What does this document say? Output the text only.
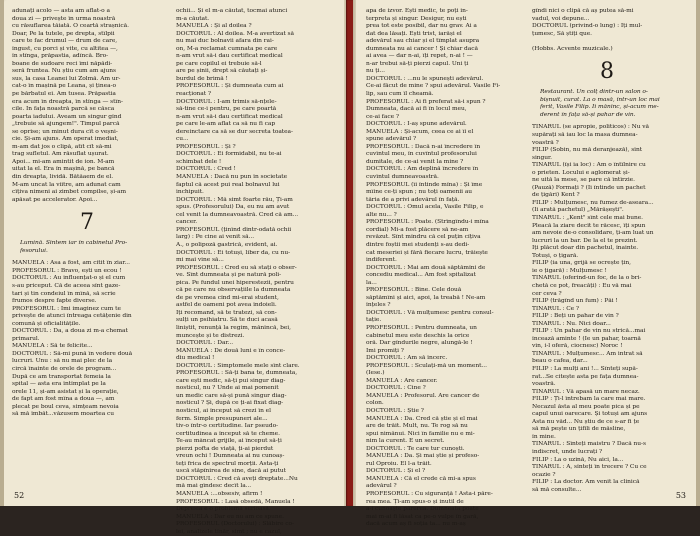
adunați acolo — asta am aflat-o a
doua zi — privește în urma noastră
cu răsuflarea tăiată. O ceartă strașnică.
Doar, Pe la tutele, pe drepta, stîlpii
care te fac drumul — drum de care,
îngust, cu porci și vite, cu altitea —,
în stînga, prăpastia, adîncă. Bro-
boane de sudoare reci îmi năpădi-
seră fruntea. Nu știu cum am ajuns
sus, la casa Leanei lui Zolmă. Am ur-
cat-o în mașină pe Leana, și ținea-o
pe bărbatul ei. Am tusea. Prăpastia
era acum în dreapta, în stînga — stîn-
cile. În fața noastră parcă se căsca
poarta iadului. Aveam un singur gînd
„trebuie să ajungem!". Timpul parcă
se oprise; un minut dura cît o veșni-
cie. Și-am ajuns. Am operat imediat,
m-am dat jos o clipă, atît cît să-mi
trag sufletul. Am răsuflat ușurat.
Apoi... mi-am amintit de ion. M-am
uitat la el. Era în mașină, pe bancă
din dreapta, lividă. Bătăaem de el.
M-am uncat la viitre, am adunat cam
cîțiva nimeni ai zimbet compilse, și-am
apăsat pe accelerator. Apoi...
7
Lumină. Sîntem iar în cabinetul Pro-
fesorului.
MANUELA : Asa a fost, am citit în ziar...
PROFESORUL : Bravo, ești un ecou !
DOCTORUL : Au influențat-o și el cum
s-au priceput. Că de aceea sînt gaze-
tari și tin condeiul în mînă, să scrie
frumos despre fapte diverse.
PROFESORUL : Îmi imaginez cum te
privește de atunci întreaga cetățenie din
comună și oficialitățile.
DOCTORUL : Da, a doua zi m-a chemat
primarul.
MANUELA : Să te felicite...
DOCTORUL : Să-mi pună în vedere două
lucruri. Unu : să nu mai plec de la
circă înainte de orele de program...
După ce am transportat femeia la
spital — asta era întîmplat pe la
orele 11, și-am asistat și la operație,
de fapt am fost mîna a doua —, am
plecat pe boul ceva, simțeam nevoia
să mă îmbăt...văzusem moartea cu
ochii... Și el m-a căutat, tocmai atunci
m-a căutat.
MANUELA : Și al doilea ?
DOCTORUL : Al doilea. M-a avertizat să
nu mai duc bolnavii afara din rai-
on, M-a reclamat cumnata pe care
n-am vrut să-i dau certificat medical
pe care copilul ei trebuie să-l
are pe șinii, drept să căutați și-
burdul de brimă !
PROFESORUL : Și dumneata cum ai
reacționat ?
DOCTORUL : I-am trimis să-nțele-
să-tine ce-i pentru, pe care poartă
n-am vrut să-i dau certificat medical
pe care le-am aflat ca să nu fi cap
dereinctare ca să se dur secreta toatea-
cu...
PROFESORUL : Și ?
DOCTORUL : Ei formidabil, nu te-ai
schimbat dele !
DOCTORUL : Cred !
MANUELA : Dacă nu pun în societate
faptul că acest pui real bolnavul lui
inchipuit.
DOCTORUL : Mă simt foarte rău, Ți-am
spus. (Profesorului) Da, eu nu am avut
cel venit la dumneavoastră. Cred că am...
cancer.
PROFESORUL (ținînd dintr-odată ochii
larg) : Pe cine ai venit să...
A., o polipoză gastrică, evident, ai.
DOCTORUL : Ei totuși, liber da, cu nu-
mi mai vine să...
PROFESORUL : Cred eu să stați o obser-
ve. Sînt dumneata și pe natură poli-
pica. Pe fundul unei hiperestezii, pentru
că pe care nu observațiile la dumneata
de pe vremea cînd mi-erai student,
astfel de oameni pot avea îndoieli.
Îți recomand, să te tratezi, să con-
sulți un psihiatru. Să te duci acasă
liniștit, renunță la regim, mănîncă, bei,
muncește și te distrezi.
DOCTORUL : Dar...
MANUELA : De două luni e în conce-
diu medical !
DOCTORUL : Simptomele mele sînt clare.
PROFESORUL : Să-ți bana te, dumneata,
care ești medic, să-ți pui singur diag-
nosticul, nu ? Unde ai mai pomenit
un medic care să-și pună singur diag-
nosticul ? Și, după ce ți-ai fixat diag-
nosticul, ai început să crezi în el
ferm. Simple presupuneri ale...
tiv-o într-o certitudine. Iar pseudo-
certitudinea a început să te cheme.
Te-au mâncat grijile, ai început să-ți
pierzi pofta de viață, ți-ai pierdut
vreun ochi ! Dumneata ai nu cunoaș-
teți frica de spectrul morții. Asta-ți
uscă stăpînirea de sine, dacă ai putut
DOCTORUL : Cred că aveți dreptate...Nu
mă mai gîndesc decît la...
MANUELA :...obsesiv, afirm !
PROFESORUL : Lasă obsedă, Manuela !
Depresia e o problemă serioasă.
MANUELA : Dar eu nu am ce spune.
PROFESORUL (Doctorului) : Slăbire co-
lei, analizele tînăr, simt ; nu e cazul,
52
apa de izvor. Ești medic, te poți in-
terpreta și singur. Desigur, nu ești
prea tot este posibil, dar nu grav. Ai a
dat dea lăsați. Ești trist, iarăși el
adevărul sau chiar și el tîmplat asupra
dumneata nu ai cancer ! Și chiar dacă
ai avea — dar n-ai, îți repet, n-ai ! —
n-ar trebui să-ți pierzi capul. Uni ți
nu ți...
DOCTORUL : ...nu le spunești adevărul.
Ce-ai făcut de mine ? spui adevărul. Vasile Fi-
lip, sau cum îl cheamă.
PROFESORUL : Ai fi preferat să-i spun ?
Dumneata, dacă ai fi în locul meu,
ce-ai face ?
DOCTORUL : I-aș spune adevărul.
MANUELA : Și-acum, ceea ce ai îi el
spune adevărul ?
PROFESORUL : Dacă n-ai încredere în
cuvîntul meu, în cuvîntul profesorului
dumitale, de ce-ai venit la mine ?
DOCTORUL : Am deplină încredere în
cuvîntul dumneavoastră.
PROFESORUL (îi întinde mîna) : Și îme
mîine ce-ți spun ; nu toți oamenii au
tăria de a privi adevărul în față.
DOCTORUL : Omul acela, Vasile Filip, e
alte nu... ?
PROFESORUL : Poate. (Strîngîndu-i mîna
cordial) Mi-a fost plăcere să ne-am
revăzut. Sînt mîndru că cel puțin cîțiva
dintre foștii mei studenți s-au dedi-
cat meseriei și fără fiecare lucru, trăiește
indiferent.
DOCTORUL : Mai am două săptămîni de
concediu medical... Am fost spitalizat
la...
PROFESORUL : Bine. Cele două
săptămîni și aici, apoi, la treabă ! Ne-am
înțeles ?
DOCTORUL : Vă mulțumesc pentru consul-
tație.
PROFESORUL : Pentru dumneata, un
cabinetul meu este deschis la orice
oră. Dar gîndurile negre, alungă-le !
Îmi promiți ?
DOCTORUL : Am să încerc.
PROFESORUL : Sculați-mă un moment...
(Iese.)
MANUELA : Are cancer.
DOCTORUL : Cine ?
MANUELA : Profesorul. Are cancer de
colon.
DOCTORUL : Știe ?
MANUELA : Da. Cred că știe și el mai
are de trăit. Mult, nu. Te rog să nu
spui nimănui. Nici în familie nu e mi-
nim la curent. E un secret.
DOCTORUL : Te care tur cunoști.
MANUELA : Da. Și mai știe și profeso-
rul Oproiu. El l-a trăit.
DOCTORUL : Și el ?
MANUELA : Că el crede că mi-a spus
adevărul ?
PROFESORUL : Cu siguranță ! Asta-i păre-
rea mea. Ți-am spus-o și inutil de
a-i cunoaște părerea. Dumneata poate
mai m-ai fi lăsat ca pe-o vulpe în gară,
dacă acum aș fi soția ta... nu m-aș
gîndi nici o clipă că aș putea să-mi
vadul, voi depune...
DOCTORUL (privind-o lung) : Îți mul-
țumesc, Să știți que.
(Hobbs. Acvente muzicale.)
8
Restaurant. Un colț dintr-un salon o-
bișnuit, curat. La o masă, într-un loc mai
ferit, Vasile Filip. Îi mănînc, și-acum me-
derent în fața să-și pahar de vin.
TÎNĂRUL (se apropie, politicos) : Nu vă
supărați să iau loc la masa dumnea-
voastră ?
FILIP (Sobin, nu mă deranjează), sînt
singur.
TÎNĂRUL (își ia loc) : Am o întîlnire cu
o prieten. Locului e aglomerat și-
ne uită la mese, se pare că întîrzie.
(Pauză) Formați ? (Îi întinde un pachet
de țigări) Kent ?
FILIP : Mulțumesc, nu fumez de-aseara...
(Îi arată pachetul) „Mărășești".
TÎNĂRUL : „Kent" sînt cele mai bune.
Pleacă la ziare decît te răcesc, îți spun
am nevoie de-o consolidare, ți-am luat un
lucruri la un bar. De la el te prezint.
Îți plăcut doar din pachetul, înainte.
Totuși, o țigară.
FILIP (ia una, grijă se ocrește țin,
ie o țigară) : Mulțumesc !
TÎNĂRUL (oferind-un foc, de la o bri-
chetă ce pot, freacăți) : Eu vă mai
cer ceva ?
FILIP (trăgînd un fum) : Păi !
TÎNĂRUL : Ce ?
FILIP : Beți un pahar de vin ?
TÎNĂRUL : Nu. Nici doar...
FILIP : Un pahar de vin nu strică...mai
încează aminte ! (Îe un pahar, toarnă
vin, i-l oferă, ciocnesc) Noroc !
TÎNĂRUL : Mulțumesc... Am intrat să
beau o cafea, dar...
FILIP : La mulți ani !... Sînteți supă-
rat...Se citește asta pe fața dumnea-
voastră.
TÎNĂRUL : Vă apasă un mare necaz.
FILIP : Ți-l întrebam la care mai mare.
Necazul ăsta al meu poate pica și pe
capul unui oarecare. Și totuși am ajuns
Asta nu văd... Nu știu de ce s-ar fi țe
să mă pește un țifili de măsline,
în mine.
TÎNĂRUL : Sînteți maistru ? Dacă nu-s
indiscret, unde lucrați ?
FILIP : La o uzină, Nu aici, la...
TÎNĂRUL : A, sînteți în trecere ? Cu ce
ocazie ?
FILIP : La doctor. Am venit la clinică
să mă consulte...
53
